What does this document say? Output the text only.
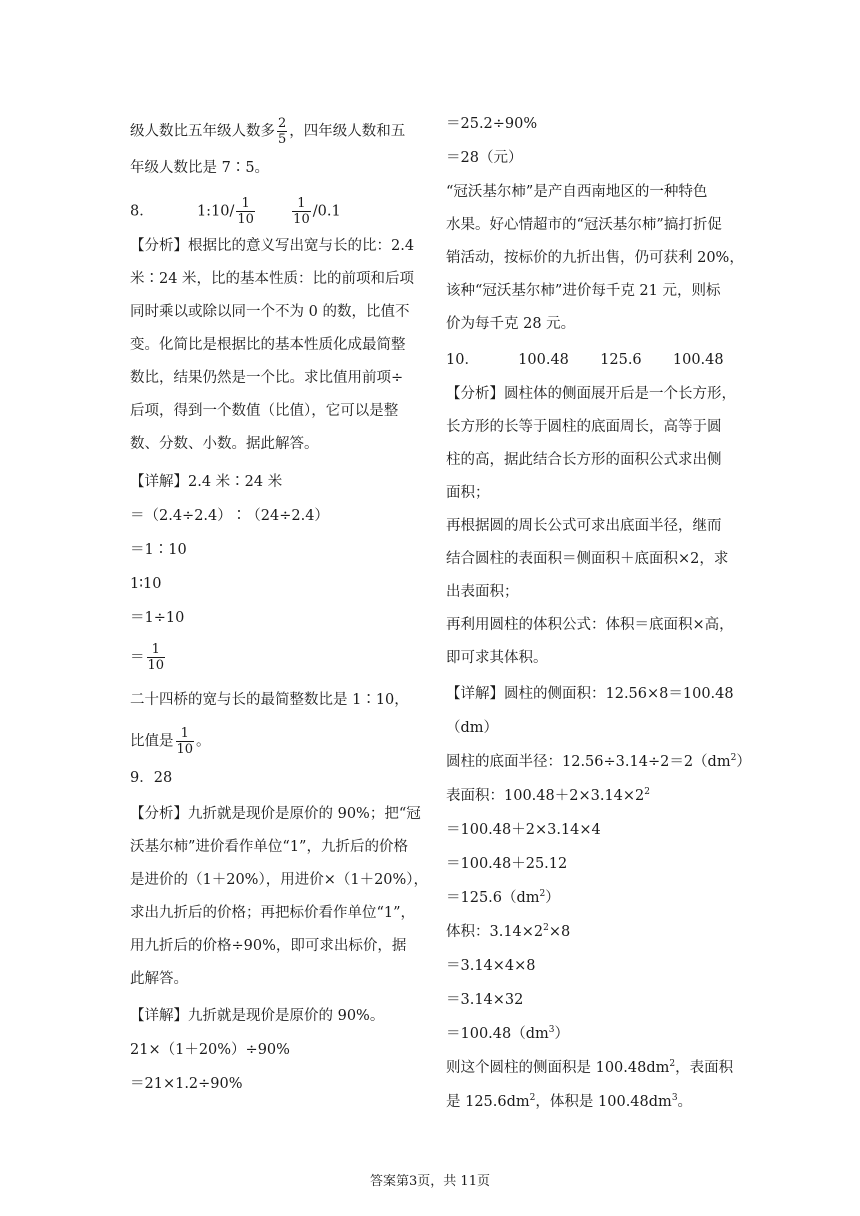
级人数比五年级人数多 $\frac{2}{5}$ ，四年级人数和五
年级人数比是 7∶5。
8．	1:10/ $\frac{1}{10}$
	$\frac{1}{10} /0.1$
【分析】根据比的意义写出宽与长的比：2.4
米∶24 米，比的基本性质：比的前项和后项
同时乘以或除以同一个不为 0 的数，比值不
变。化简比是根据比的基本性质化成最简整
数比，结果仍然是一个比。求比值用前项÷
后项，得到一个数值（比值），它可以是整
数、分数、小数。据此解答。
【详解】2.4 米∶24 米
＝（2.4÷2.4）∶（24÷2.4）
＝1∶10
1∶10
＝1÷10
＝ $\frac{1}{10}$
二十四桥的宽与长的最简整数比是 1∶10，
比值是 $\frac{1}{10}$ 。
9．28
【分析】九折就是现价是原价的 90%；把“冠
沃基尔柿”进价看作单位“1”，九折后的价格
是进价的（1＋20%），用进价×（1＋20%），
求出九折后的价格；再把标价看作单位“1”，
用九折后的价格÷90%，即可求出标价，据
此解答。
【详解】九折就是现价是原价的 90%。
21×（1＋20%）÷90%
＝21×1.2÷90%
＝25.2÷90%
＝28（元）
“冠沃基尔柿”是产自西南地区的一种特色
水果。好心情超市的“冠沃基尔柿”搞打折促
销活动，按标价的九折出售，仍可获利 20%，
该种“冠沃基尔柿”进价每千克 21 元，则标
价为每千克 28 元。
10．	100.48 125.6 100.48
【分析】圆柱体的侧面展开后是一个长方形，
长方形的长等于圆柱的底面周长，高等于圆
柱的高，据此结合长方形的面积公式求出侧
面积；
再根据圆的周长公式可求出底面半径，继而
结合圆柱的表面积＝侧面积＋底面积×2，求
出表面积；
再利用圆柱的体积公式：体积＝底面积×高，
即可求其体积。
【详解】圆柱的侧面积：12.56×8＝100.48
（dm）
圆柱的底面半径：$12.56\div 3.14\div 2=2(dm^2)$
表面积：$100.48+2\times 3.14\times 2^2$
＝100.48＋2×3.14×4
＝100.48＋25.12
$=125.6(dm^2)$
体积：$3.14\times 2^2\times 8$
＝3.14×4×8
＝3.14×32
$=100.48(dm^3)$
则这个圆柱的侧面积是 $100.48dm^2$，表面积
是 $125.6dm^2$，体积是 $100.48dm^3$。
答案第3页，共 11页
